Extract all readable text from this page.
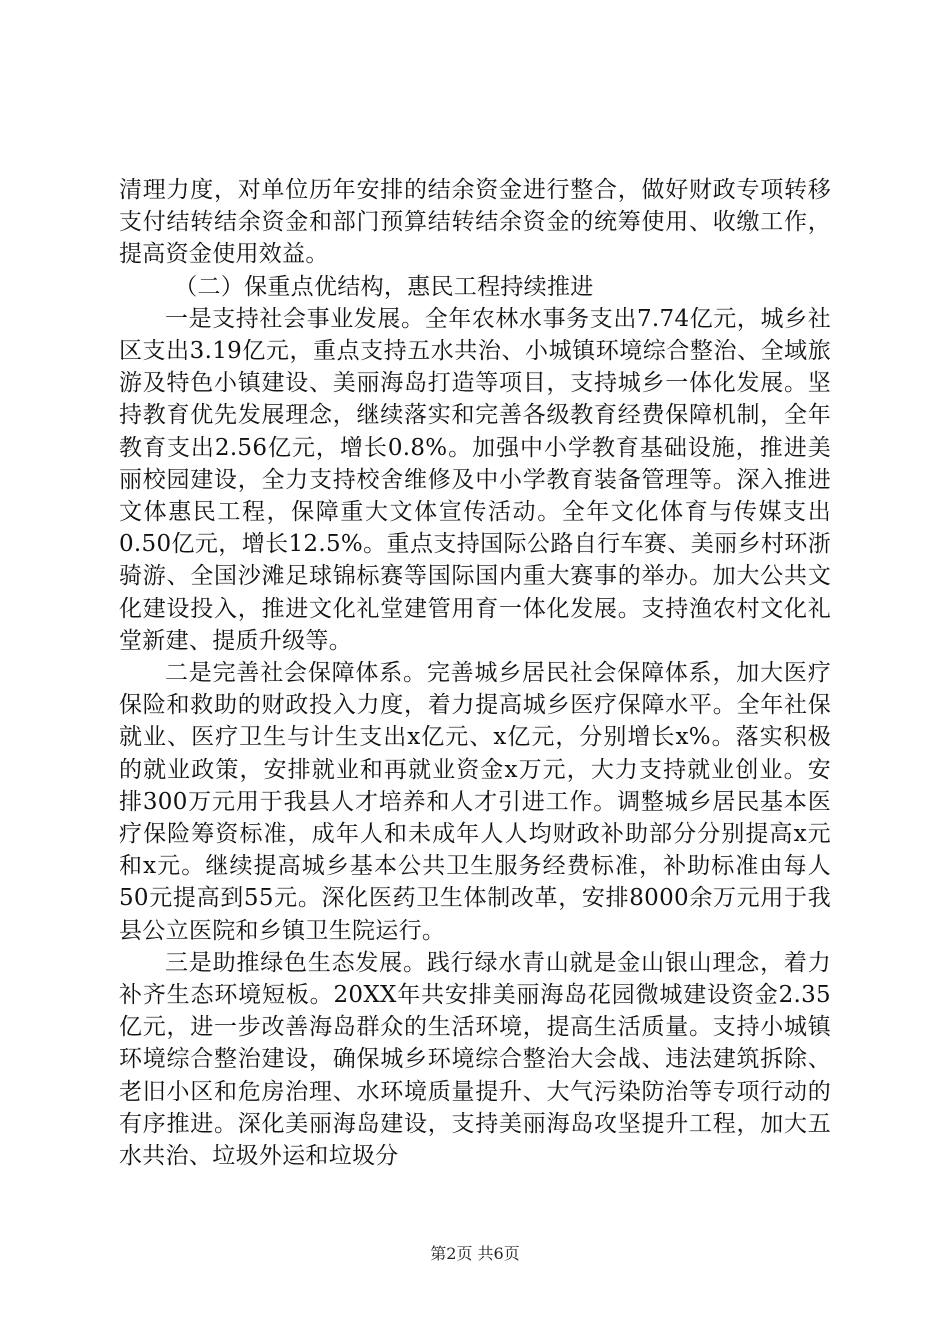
清理力度，对单位历年安排的结余资金进行整合，做好财政专项转移支付结转结余资金和部门预算结转结余资金的统筹使用、收缴工作，提高资金使用效益。

（二）保重点优结构，惠民工程持续推进

一是支持社会事业发展。全年农林水事务支出7.74亿元，城乡社区支出3.19亿元，重点支持五水共治、小城镇环境综合整治、全域旅游及特色小镇建设、美丽海岛打造等项目，支持城乡一体化发展。坚持教育优先发展理念，继续落实和完善各级教育经费保障机制，全年教育支出2.56亿元，增长0.8%。加强中小学教育基础设施，推进美丽校园建设，全力支持校舍维修及中小学教育装备管理等。深入推进文体惠民工程，保障重大文体宣传活动。全年文化体育与传媒支出0.50亿元，增长12.5%。重点支持国际公路自行车赛、美丽乡村环浙骑游、全国沙滩足球锦标赛等国际国内重大赛事的举办。加大公共文化建设投入，推进文化礼堂建管用育一体化发展。支持渔农村文化礼堂新建、提质升级等。

二是完善社会保障体系。完善城乡居民社会保障体系，加大医疗保险和救助的财政投入力度，着力提高城乡医疗保障水平。全年社保就业、医疗卫生与计生支出x亿元、x亿元，分别增长x%。落实积极的就业政策，安排就业和再就业资金x万元，大力支持就业创业。安排300万元用于我县人才培养和人才引进工作。调整城乡居民基本医疗保险筹资标准，成年人和未成年人人均财政补助部分分别提高x元和x元。继续提高城乡基本公共卫生服务经费标准，补助标准由每人50元提高到55元。深化医药卫生体制改革，安排8000余万元用于我县公立医院和乡镇卫生院运行。

三是助推绿色生态发展。践行绿水青山就是金山银山理念，着力补齐生态环境短板。20XX年共安排美丽海岛花园微城建设资金2.35亿元，进一步改善海岛群众的生活环境，提高生活质量。支持小城镇环境综合整治建设，确保城乡环境综合整治大会战、违法建筑拆除、老旧小区和危房治理、水环境质量提升、大气污染防治等专项行动的有序推进。深化美丽海岛建设，支持美丽海岛攻坚提升工程，加大五水共治、垃圾外运和垃圾分

第2页 共6页
